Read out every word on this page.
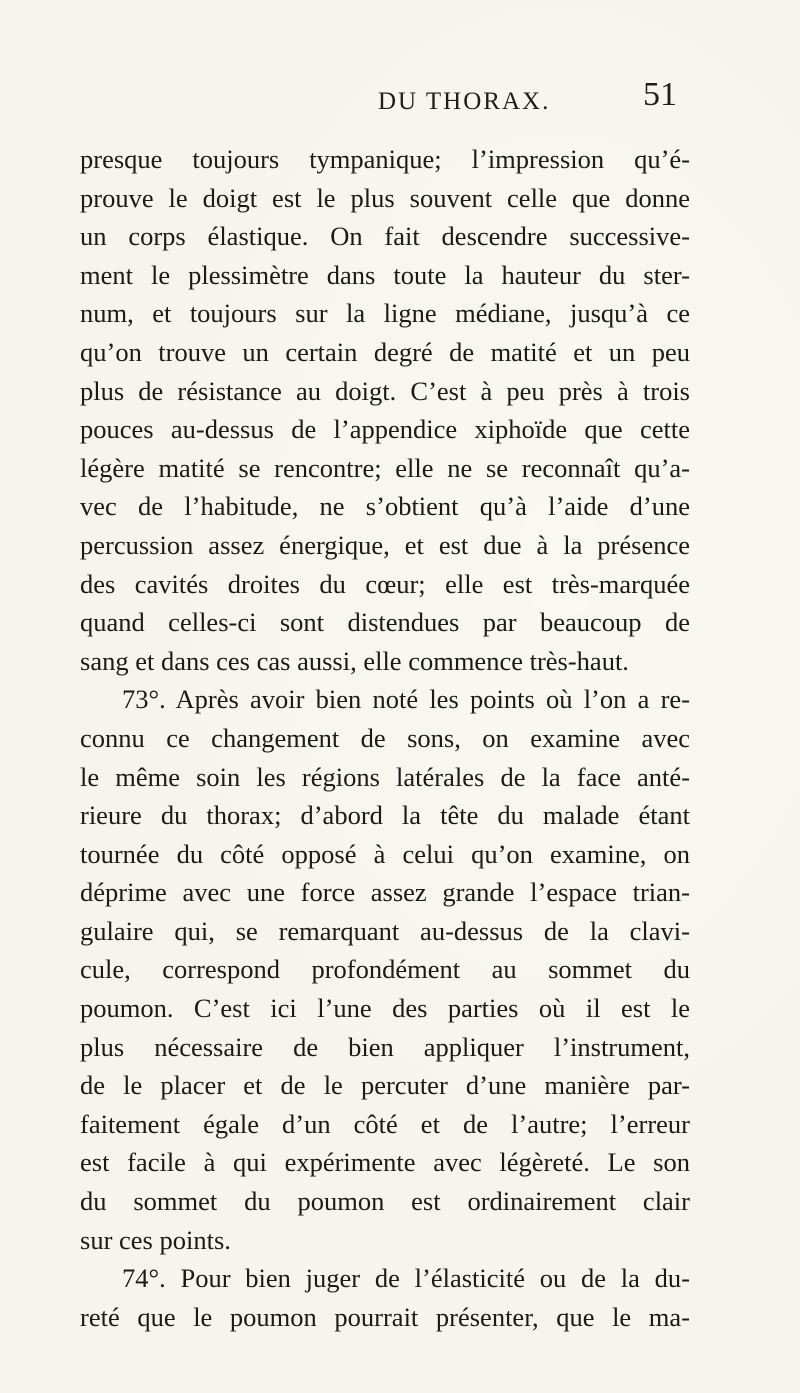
DU THORAX.	51
presque toujours tympanique; l’impression qu’é-
prouve le doigt est le plus souvent celle que donne
un corps élastique. On fait descendre successive-
ment le plessimètre dans toute la hauteur du ster-
num, et toujours sur la ligne médiane, jusqu’à ce
qu’on trouve un certain degré de matité et un peu
plus de résistance au doigt. C’est à peu près à trois
pouces au-dessus de l’appendice xiphoïde que cette
légère matité se rencontre; elle ne se reconnaît qu’a-
vec de l’habitude, ne s’obtient qu’à l’aide d’une
percussion assez énergique, et est due à la présence
des cavités droites du cœur; elle est très-marquée
quand celles-ci sont distendues par beaucoup de
sang et dans ces cas aussi, elle commence très-haut.
73°. Après avoir bien noté les points où l’on a re-
connu ce changement de sons, on examine avec
le même soin les régions latérales de la face anté-
rieure du thorax; d’abord la tête du malade étant
tournée du côté opposé à celui qu’on examine, on
déprime avec une force assez grande l’espace trian-
gulaire qui, se remarquant au-dessus de la clavi-
cule, correspond profondément au sommet du
poumon. C’est ici l’une des parties où il est le
plus nécessaire de bien appliquer l’instrument,
de le placer et de le percuter d’une manière par-
faitement égale d’un côté et de l’autre; l’erreur
est facile à qui expérimente avec légèreté. Le son
du sommet du poumon est ordinairement clair
sur ces points.
74°. Pour bien juger de l’élasticité ou de la du-
reté que le poumon pourrait présenter, que le ma-
